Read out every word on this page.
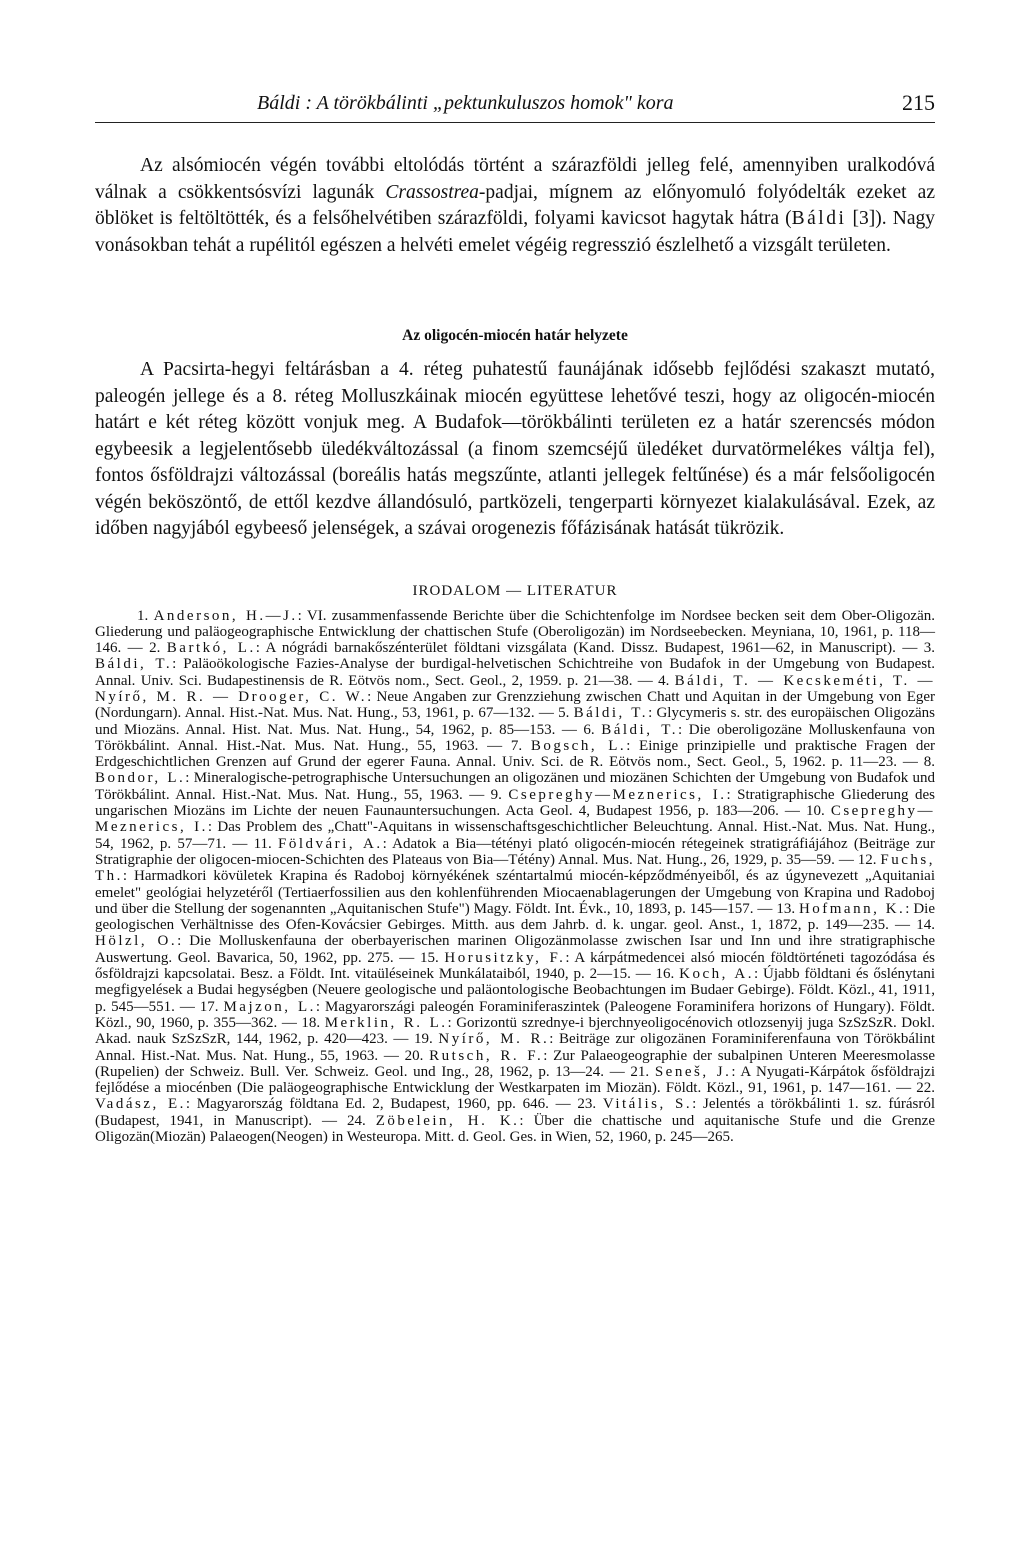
Báldi : A törökbálinti „pektunkuluszos homok" kora	215

Az alsómiocén végén további eltolódás történt a szárazföldi jelleg felé, amennyiben uralkodóvá válnak a csökkentsósvízi lagunák Crassostrea-padjai, mígnem az előnyomuló folyódelták ezeket az öblöket is feltöltötték, és a felsőhelvétiben szárazföldi, folyami kavicsot hagytak hátra (Báldi [3]). Nagy vonásokban tehát a rupélitól egészen a helvéti emelet végéig regresszió észlelhető a vizsgált területen.

Az oligocén-miocén határ helyzete

A Pacsirta-hegyi feltárásban a 4. réteg puhatestű faunájának idősebb fejlődési szakaszt mutató, paleogén jellege és a 8. réteg Molluszkáinak miocén együttese lehetővé teszi, hogy az oligocén-miocén határt e két réteg között vonjuk meg. A Budafok—törökbálinti területen ez a határ szerencsés módon egybeesik a legjelentősebb üledékváltozással (a finom szemcséjű üledéket durvatörmelékes váltja fel), fontos ősföldrajzi változással (boreális hatás megszűnte, atlanti jellegek feltűnése) és a már felsőoligocén végén beköszöntő, de ettől kezdve állandósuló, partközeli, tengerparti környezet kialakulásával. Ezek, az időben nagyjából egybeeső jelenségek, a szávai orogenezis főfázisának hatását tükrözik.

IRODALOM — LITERATUR

1. Anderson, H.—J.: VI. zusammenfassende Berichte über die Schichtenfolge im Nordsee becken seit dem Ober-Oligozän. Gliederung und paläogeographische Entwicklung der chattischen Stufe (Oberoligozän) im Nordseebecken. Meyniana, 10, 1961, p. 118—146. — 2. Bartkó, L.: A nógrádi barnakőszénterület földtani vizsgálata (Kand. Dissz. Budapest, 1961—62, in Manuscript). — 3. Báldi, T.: Paläoökologische Fazies-Analyse der burdigal-helvetischen Schichtreihe von Budafok in der Umgebung von Budapest. Annal. Univ. Sci. Budapestinensis de R. Eötvös nom., Sect. Geol., 2, 1959. p. 21—38. — 4. Báldi, T. — Kecskeméti, T. — Nyírő, M. R. — Drooger, C. W.: Neue Angaben zur Grenzziehung zwischen Chatt und Aquitan in der Umgebung von Eger (Nordungarn). Annal. Hist.-Nat. Mus. Nat. Hung., 53, 1961, p. 67—132. — 5. Báldi, T.: Glycymeris s. str. des europäischen Oligozäns und Miozäns. Annal. Hist. Nat. Mus. Nat. Hung., 54, 1962, p. 85—153. — 6. Báldi, T.: Die oberoligozäne Molluskenfauna von Törökbálint. Annal. Hist.-Nat. Mus. Nat. Hung., 55, 1963. — 7. Bogsch, L.: Einige prinzipielle und praktische Fragen der Erdgeschichtlichen Grenzen auf Grund der egerer Fauna. Annal. Univ. Sci. de R. Eötvös nom., Sect. Geol., 5, 1962. p. 11—23. — 8. Bondor, L.: Mineralogische-petrographische Untersuchungen an oligozänen und miozänen Schichten der Umgebung von Budafok und Törökbálint. Annal. Hist.-Nat. Mus. Nat. Hung., 55, 1963. — 9. Csepreghy—Meznerics, I.: Stratigraphische Gliederung des ungarischen Miozäns im Lichte der neuen Faunauntersuchungen. Acta Geol. 4, Budapest 1956, p. 183—206. — 10. Csepreghy—Meznerics, I.: Das Problem des „Chatt"-Aquitans in wissenschaftsgeschichtlicher Beleuchtung. Annal. Hist.-Nat. Mus. Nat. Hung., 54, 1962, p. 57—71. — 11. Földvári, A.: Adatok a Bia—tétényi plató oligocén-miocén rétegeinek stratigráfiájához (Beiträge zur Stratigraphie der oligocen-miocen-Schichten des Plateaus von Bia—Tétény) Annal. Mus. Nat. Hung., 26, 1929, p. 35—59. — 12. Fuchs, Th.: Harmadkori kövületek Krapina és Radoboj környékének széntartalmú miocén-képződményeiből, és az úgynevezett „Aquitaniai emelet" geológiai helyzetéről (Tertiaerfossilien aus den kohlenführenden Miocaenablagerungen der Umgebung von Krapina und Radoboj und über die Stellung der sogenannten „Aquitanischen Stufe") Magy. Földt. Int. Évk., 10, 1893, p. 145—157. — 13. Hofmann, K.: Die geologischen Verhältnisse des Ofen-Kovácsier Gebirges. Mitth. aus dem Jahrb. d. k. ungar. geol. Anst., 1, 1872, p. 149—235. — 14. Hölzl, O.: Die Molluskenfauna der oberbayerischen marinen Oligozänmolasse zwischen Isar und Inn und ihre stratigraphische Auswertung. Geol. Bavarica, 50, 1962, pp. 275. — 15. Horusitzky, F.: A kárpátmedencei alsó miocén földtörténeti tagozódása és ősföldrajzi kapcsolatai. Besz. a Földt. Int. vitaüléseinek Munkálataiból, 1940, p. 2—15. — 16. Koch, A.: Újabb földtani és őslénytani megfigyelések a Budai hegységben (Neuere geologische und paläontologische Beobachtungen im Budaer Gebirge). Földt. Közl., 41, 1911, p. 545—551. — 17. Majzon, L.: Magyarországi paleogén Foraminiferaszintek (Paleogene Foraminifera horizons of Hungary). Földt. Közl., 90, 1960, p. 355—362. — 18. Merklin, R. L.: Gorizontü szrednye-i bjerchnyeoligocénovich otlozsenyij juga SzSzSzR. Dokl. Akad. nauk SzSzSzR, 144, 1962, p. 420—423. — 19. Nyírő, M. R.: Beiträge zur oligozänen Foraminiferenfauna von Törökbálint Annal. Hist.-Nat. Mus. Nat. Hung., 55, 1963. — 20. Rutsch, R. F.: Zur Palaeogeographie der subalpinen Unteren Meeresmolasse (Rupelien) der Schweiz. Bull. Ver. Schweiz. Geol. und Ing., 28, 1962, p. 13—24. — 21. Seneš, J.: A Nyugati-Kárpátok ősföldrajzi fejlődése a miocénben (Die paläogeographische Entwicklung der Westkarpaten im Miozän). Földt. Közl., 91, 1961, p. 147—161. — 22. Vadász, E.: Magyarország földtana Ed. 2, Budapest, 1960, pp. 646. — 23. Vitális, S.: Jelentés a törökbálinti 1. sz. fúrásról (Budapest, 1941, in Manuscript). — 24. Zöbelein, H. K.: Über die chattische und aquitanische Stufe und die Grenze Oligozän(Miozän) Palaeogen(Neogen) in Westeuropa. Mitt. d. Geol. Ges. in Wien, 52, 1960, p. 245—265.
